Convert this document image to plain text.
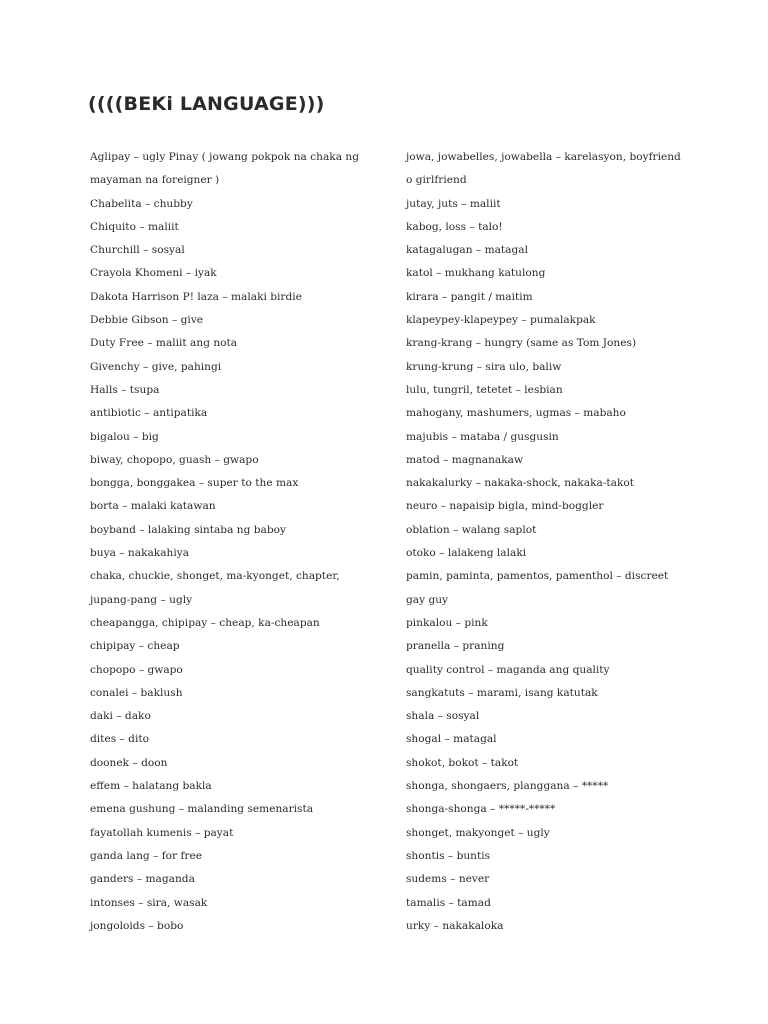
((((BEKi LANGUAGE)))
Aglipay – ugly Pinay ( jowang pokpok na chaka ng
mayaman na foreigner )
Chabelita – chubby
Chiquito – maliit
Churchill – sosyal
Crayola Khomeni – iyak
Dakota Harrison P! laza – malaki birdie
Debbie Gibson – give
Duty Free – maliit ang nota
Givenchy – give, pahingi
Halls – tsupa
antibiotic – antipatika
bigalou – big
biway, chopopo, guash – gwapo
bongga, bonggakea – super to the max
borta – malaki katawan
boyband – lalaking sintaba ng baboy
buya – nakakahiya
chaka, chuckie, shonget, ma-kyonget, chapter,
jupang-pang – ugly
cheapangga, chipipay – cheap, ka-cheapan
chipipay – cheap
chopopo – gwapo
conalei – baklush
daki – dako
dites – dito
doonek – doon
effem – halatang bakla
emena gushung – malanding semenarista
fayatollah kumenis – payat
ganda lang – for free
ganders – maganda
intonses – sira, wasak
jongoloids – bobo
jowa, jowabelles, jowabella – karelasyon, boyfriend
o girlfriend
jutay, juts – maliit
kabog, loss – talo!
katagalugan – matagal
katol – mukhang katulong
kirara – pangit / maitim
klapeypey-klapeypey – pumalakpak
krang-krang – hungry (same as Tom Jones)
krung-krung – sira ulo, baliw
lulu, tungril, tetetet – lesbian
mahogany, mashumers, ugmas – mabaho
majubis – mataba / gusgusin
matod – magnanakaw
nakakalurky – nakaka-shock, nakaka-takot
neuro – napaisip bigla, mind-boggler
oblation – walang saplot
otoko – lalakeng lalaki
pamin, paminta, pamentos, pamenthol – discreet
gay guy
pinkalou – pink
pranella – praning
quality control – maganda ang quality
sangkatuts – marami, isang katutak
shala – sosyal
shogal – matagal
shokot, bokot – takot
shonga, shongaers, planggana – *****
shonga-shonga – *****-*****
shonget, makyonget – ugly
shontis – buntis
sudems – never
tamalis – tamad
urky – nakakaloka
